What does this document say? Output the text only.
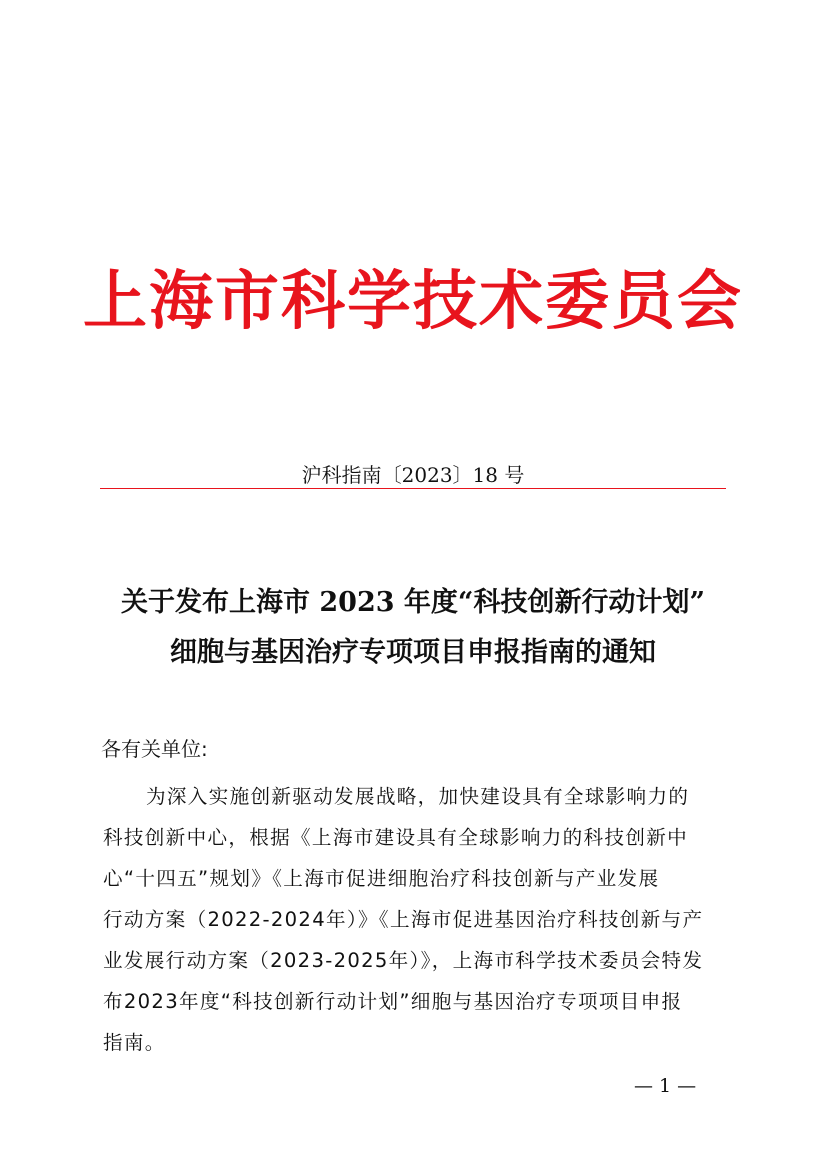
上海市科学技术委员会
沪科指南〔2023〕18 号
关于发布上海市 2023 年度“科技创新行动计划”
细胞与基因治疗专项项目申报指南的通知
各有关单位:
为深入实施创新驱动发展战略，加快建设具有全球影响力的
科技创新中心，根据《上海市建设具有全球影响力的科技创新中
心“十四五”规划》《上海市促进细胞治疗科技创新与产业发展
行动方案（2022-2024年）》《上海市促进基因治疗科技创新与产
业发展行动方案（2023-2025年）》，上海市科学技术委员会特发
布2023年度“科技创新行动计划”细胞与基因治疗专项项目申报
指南。
— 1 —
